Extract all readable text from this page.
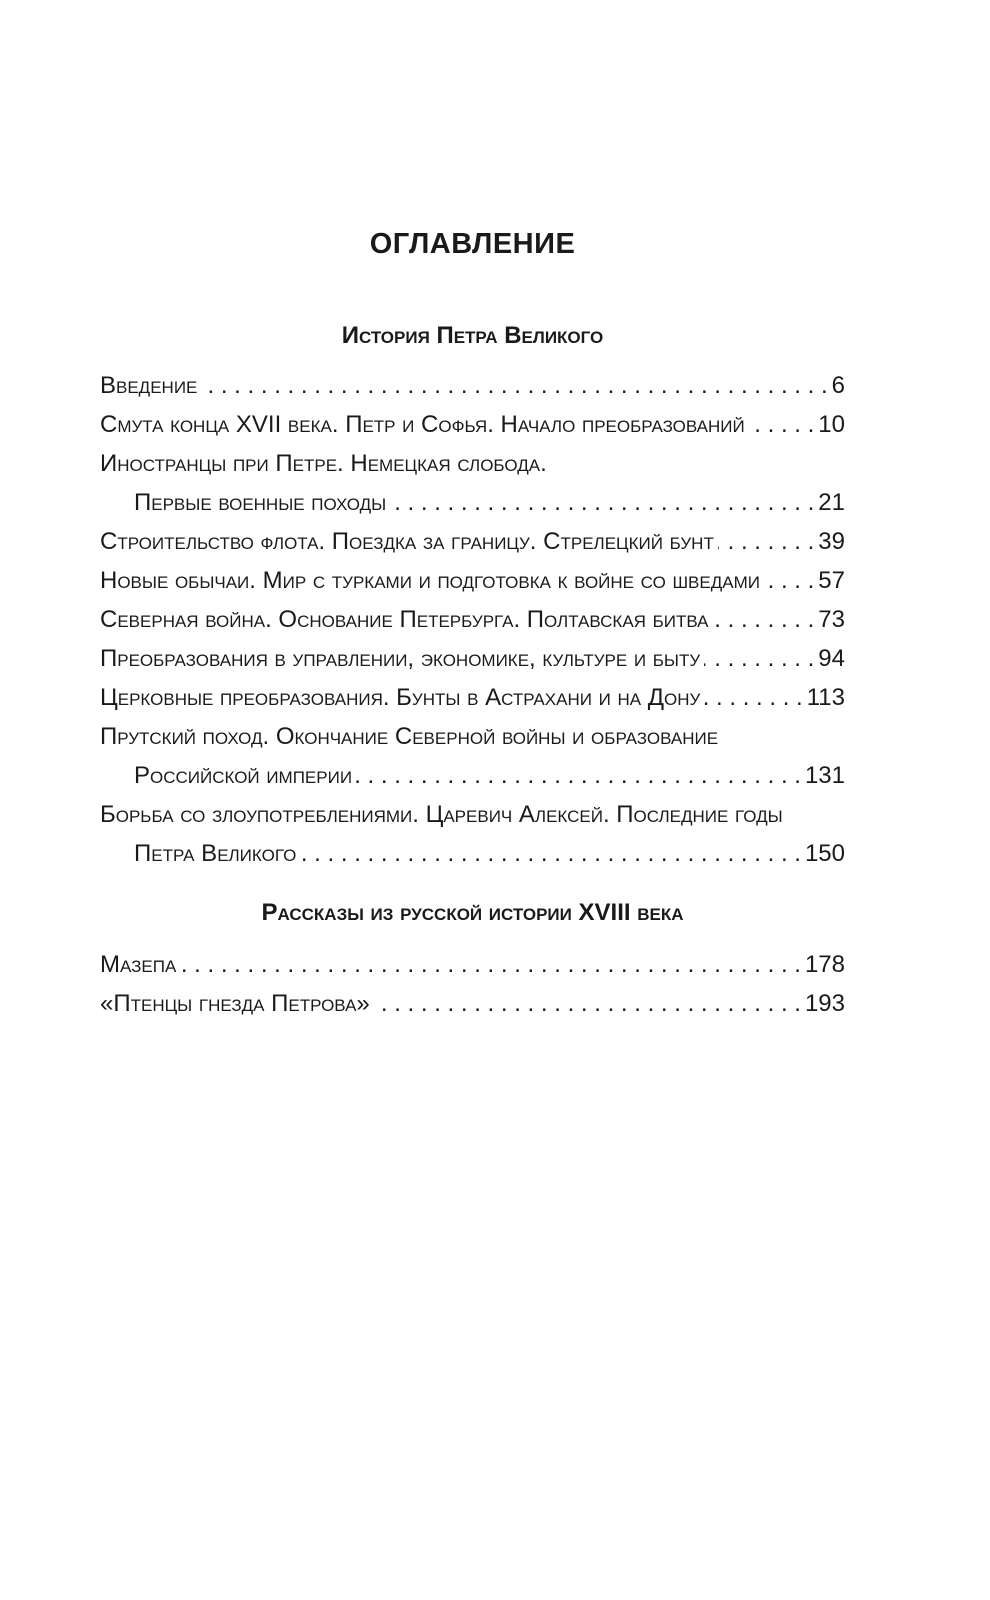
ОГЛАВЛЕНИЕ
История Петра Великого
Введение . . .	6
Смута конца XVII века. Петр и Софья. Начало преобразований . . .	10
Иностранцы при Петре. Немецкая слобода.
Первые военные походы . . .	21
Строительство флота. Поездка за границу. Стрелецкий бунт . . .	39
Новые обычаи. Мир с турками и подготовка к войне со шведами . . . 57
Северная война. Основание Петербурга. Полтавская битва . . .	73
Преобразования в управлении, экономике, культуре и быту . . .	94
Церковные преобразования. Бунты в Астрахани и на Дону . . .	113
Прутский поход. Окончание Северной войны и образование
Российской империи . . .	131
Борьба со злоупотреблениями. Царевич Алексей. Последние годы
Петра Великого . . .	150
Рассказы из русской истории XVIII века
Мазепа . . .	178
«Птенцы гнезда Петрова» . . .	193
